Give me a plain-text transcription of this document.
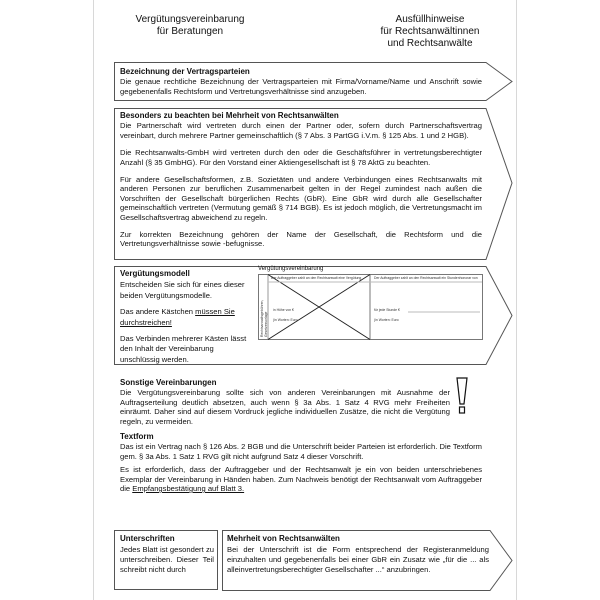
Vergütungsvereinbarung
für Beratungen
Ausfüllhinweise
für Rechtsanwältinnen
und Rechtsanwälte
Bezeichnung der Vertragsparteien
Die genaue rechtliche Bezeichnung der Vertragsparteien mit Firma/Vorname/Name und Anschrift sowie gegebenenfalls Rechtsform und Vertretungsverhältnisse sind anzugeben.
Besonders zu beachten bei Mehrheit von Rechtsanwälten

Die Partnerschaft wird vertreten durch einen der Partner oder, sofern durch Partnerschaftsvertrag vereinbart, durch mehrere Partner gemeinschaftlich (§ 7 Abs. 3 PartGG i.V.m. § 125 Abs. 1 und 2 HGB).

Die Rechtsanwalts-GmbH wird vertreten durch den oder die Geschäftsführer in vertretungsberechtigter Anzahl (§ 35 GmbHG). Für den Vorstand einer Aktiengesellschaft ist § 78 AktG zu beachten.

Für andere Gesellschaftsformen, z.B. Sozietäten und andere Verbindungen eines Rechtsanwalts mit anderen Personen zur beruflichen Zusammenarbeit gelten in der Regel zumindest nach außen die Vorschriften der Gesellschaft bürgerlichen Rechts (GbR). Eine GbR wird durch alle Gesellschafter gemeinschaftlich vertreten (Vermutung gemäß § 714 BGB). Es ist jedoch möglich, die Vertretungsmacht im Gesellschaftsvertrag abweichend zu regeln.

Zur korrekten Bezeichnung gehören der Name der Gesellschaft, die Rechtsform und die Vertretungsverhältnisse sowie -befugnisse.

Vergütungsmodell

Entscheiden Sie sich für eines dieser beiden Vergütungsmodelle.

Das andere Kästchen müssen Sie durchstreichen!

Das Verbinden mehrerer Kästen lässt den Inhalt der Vereinbarung unschlüssig werden.

Vergütungsvereinbarung
Der Auftraggeber zahlt an den Rechtsanwalt eine Vergütung	Der Auftraggeber zahlt an den Rechtsanwalt ein Stundenhonorar von
in Höhe von €	für jede Stunde €
(in Worten: Euro	(in Worten: Euro
Rechtsanwaltsgebühren, Gesetzesvorlage
Sonstige Vereinbarungen
Die Vergütungsvereinbarung sollte sich von anderen Vereinbarungen mit Ausnahme der Auftragserteilung deutlich absetzen, auch wenn § 3a Abs. 1 Satz 4 RVG mehr Freiheiten einräumt. Daher sind auf diesem Vordruck jegliche individuellen Zusätze, die nicht die Vergütung regeln, zu vermeiden.
Textform

Das ist ein Vertrag nach § 126 Abs. 2 BGB und die Unterschrift beider Parteien ist erforderlich. Die Textform gem. § 3a Abs. 1 Satz 1 RVG gilt nicht aufgrund Satz 4 dieser Vorschrift.

Es ist erforderlich, dass der Auftraggeber und der Rechtsanwalt je ein von beiden unterschriebenes Exemplar der Vereinbarung in Händen haben. Zum Nachweis benötigt der Rechtsanwalt vom Auftraggeber die Empfangsbestätigung auf Blatt 3.

Unterschriften
Jedes Blatt ist gesondert zu unterschreiben. Dieser Teil schreibt nicht durch
Mehrheit von Rechtsanwälten
Bei der Unterschrift ist die Form entsprechend der Registeranmeldung einzuhalten und gegebenenfalls bei einer GbR ein Zusatz wie „für die ... als alleinvertretungsberechtigter Gesellschafter ...“ anzubringen.
